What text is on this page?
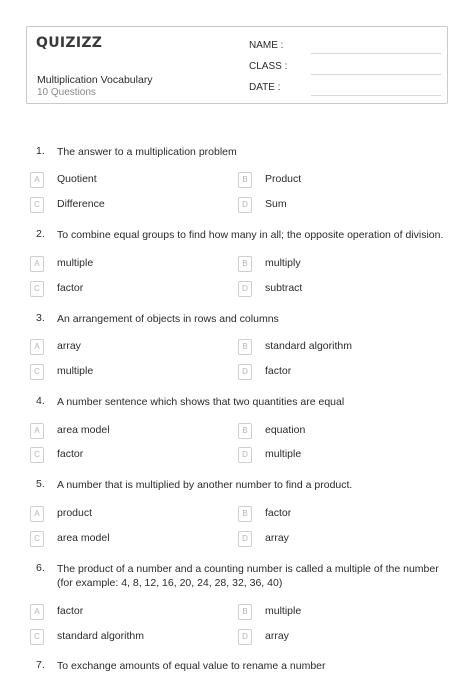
QUIZIZZ
Multiplication Vocabulary
10 Questions
NAME :
CLASS :
DATE :
1. The answer to a multiplication problem
A	Quotient	B	Product
C	Difference	D	Sum
2. To combine equal groups to find how many in all; the opposite operation of division.
A	multiple	B	multiply
C	factor	D	subtract
3. An arrangement of objects in rows and columns
A	array	B	standard algorithm
C	multiple	D	factor
4. A number sentence which shows that two quantities are equal
A	area model	B	equation
C	factor	D	multiple
5. A number that is multiplied by another number to find a product.
A	product	B	factor
C	area model	D	array
6. The product of a number and a counting number is called a multiple of the number (for example: 4, 8, 12, 16, 20, 24, 28, 32, 36, 40)
A	factor	B	multiple
C	standard algorithm	D	array
7. To exchange amounts of equal value to rename a number
